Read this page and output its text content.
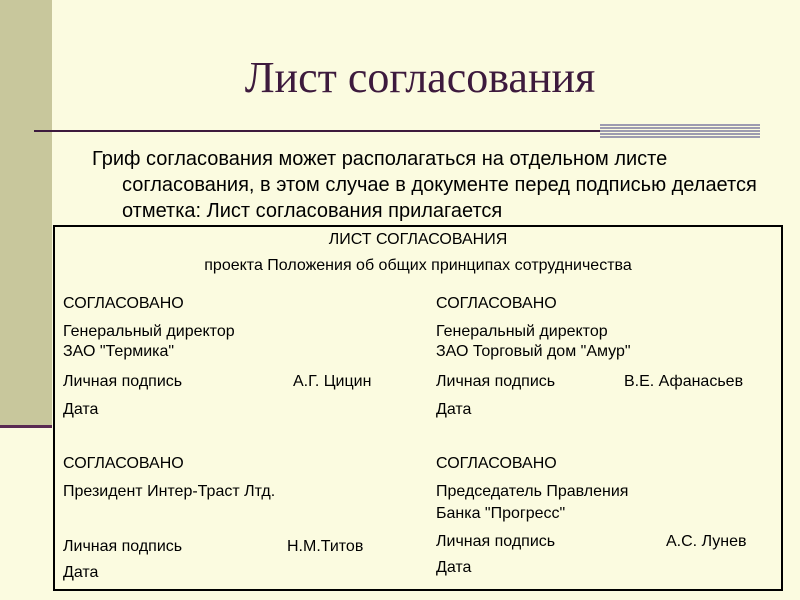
Лист согласования
Гриф согласования может располагаться на отдельном листе согласования, в этом случае в документе перед подписью делается отметка: Лист согласования прилагается
ЛИСТ СОГЛАСОВАНИЯ
проекта Положения об общих принципах сотрудничества
СОГЛАСОВАНО
Генеральный директор
ЗАО "Термика"
Личная подпись	А.Г. Цицин
Дата
СОГЛАСОВАНО
Генеральный директор
ЗАО Торговый дом "Амур"
Личная подпись	В.Е. Афанасьев
Дата
СОГЛАСОВАНО
Президент Интер-Траст Лтд.
Личная подпись	Н.М.Титов
Дата
СОГЛАСОВАНО
Председатель Правления
Банка "Прогресс"
Личная подпись	А.С. Лунев
Дата
